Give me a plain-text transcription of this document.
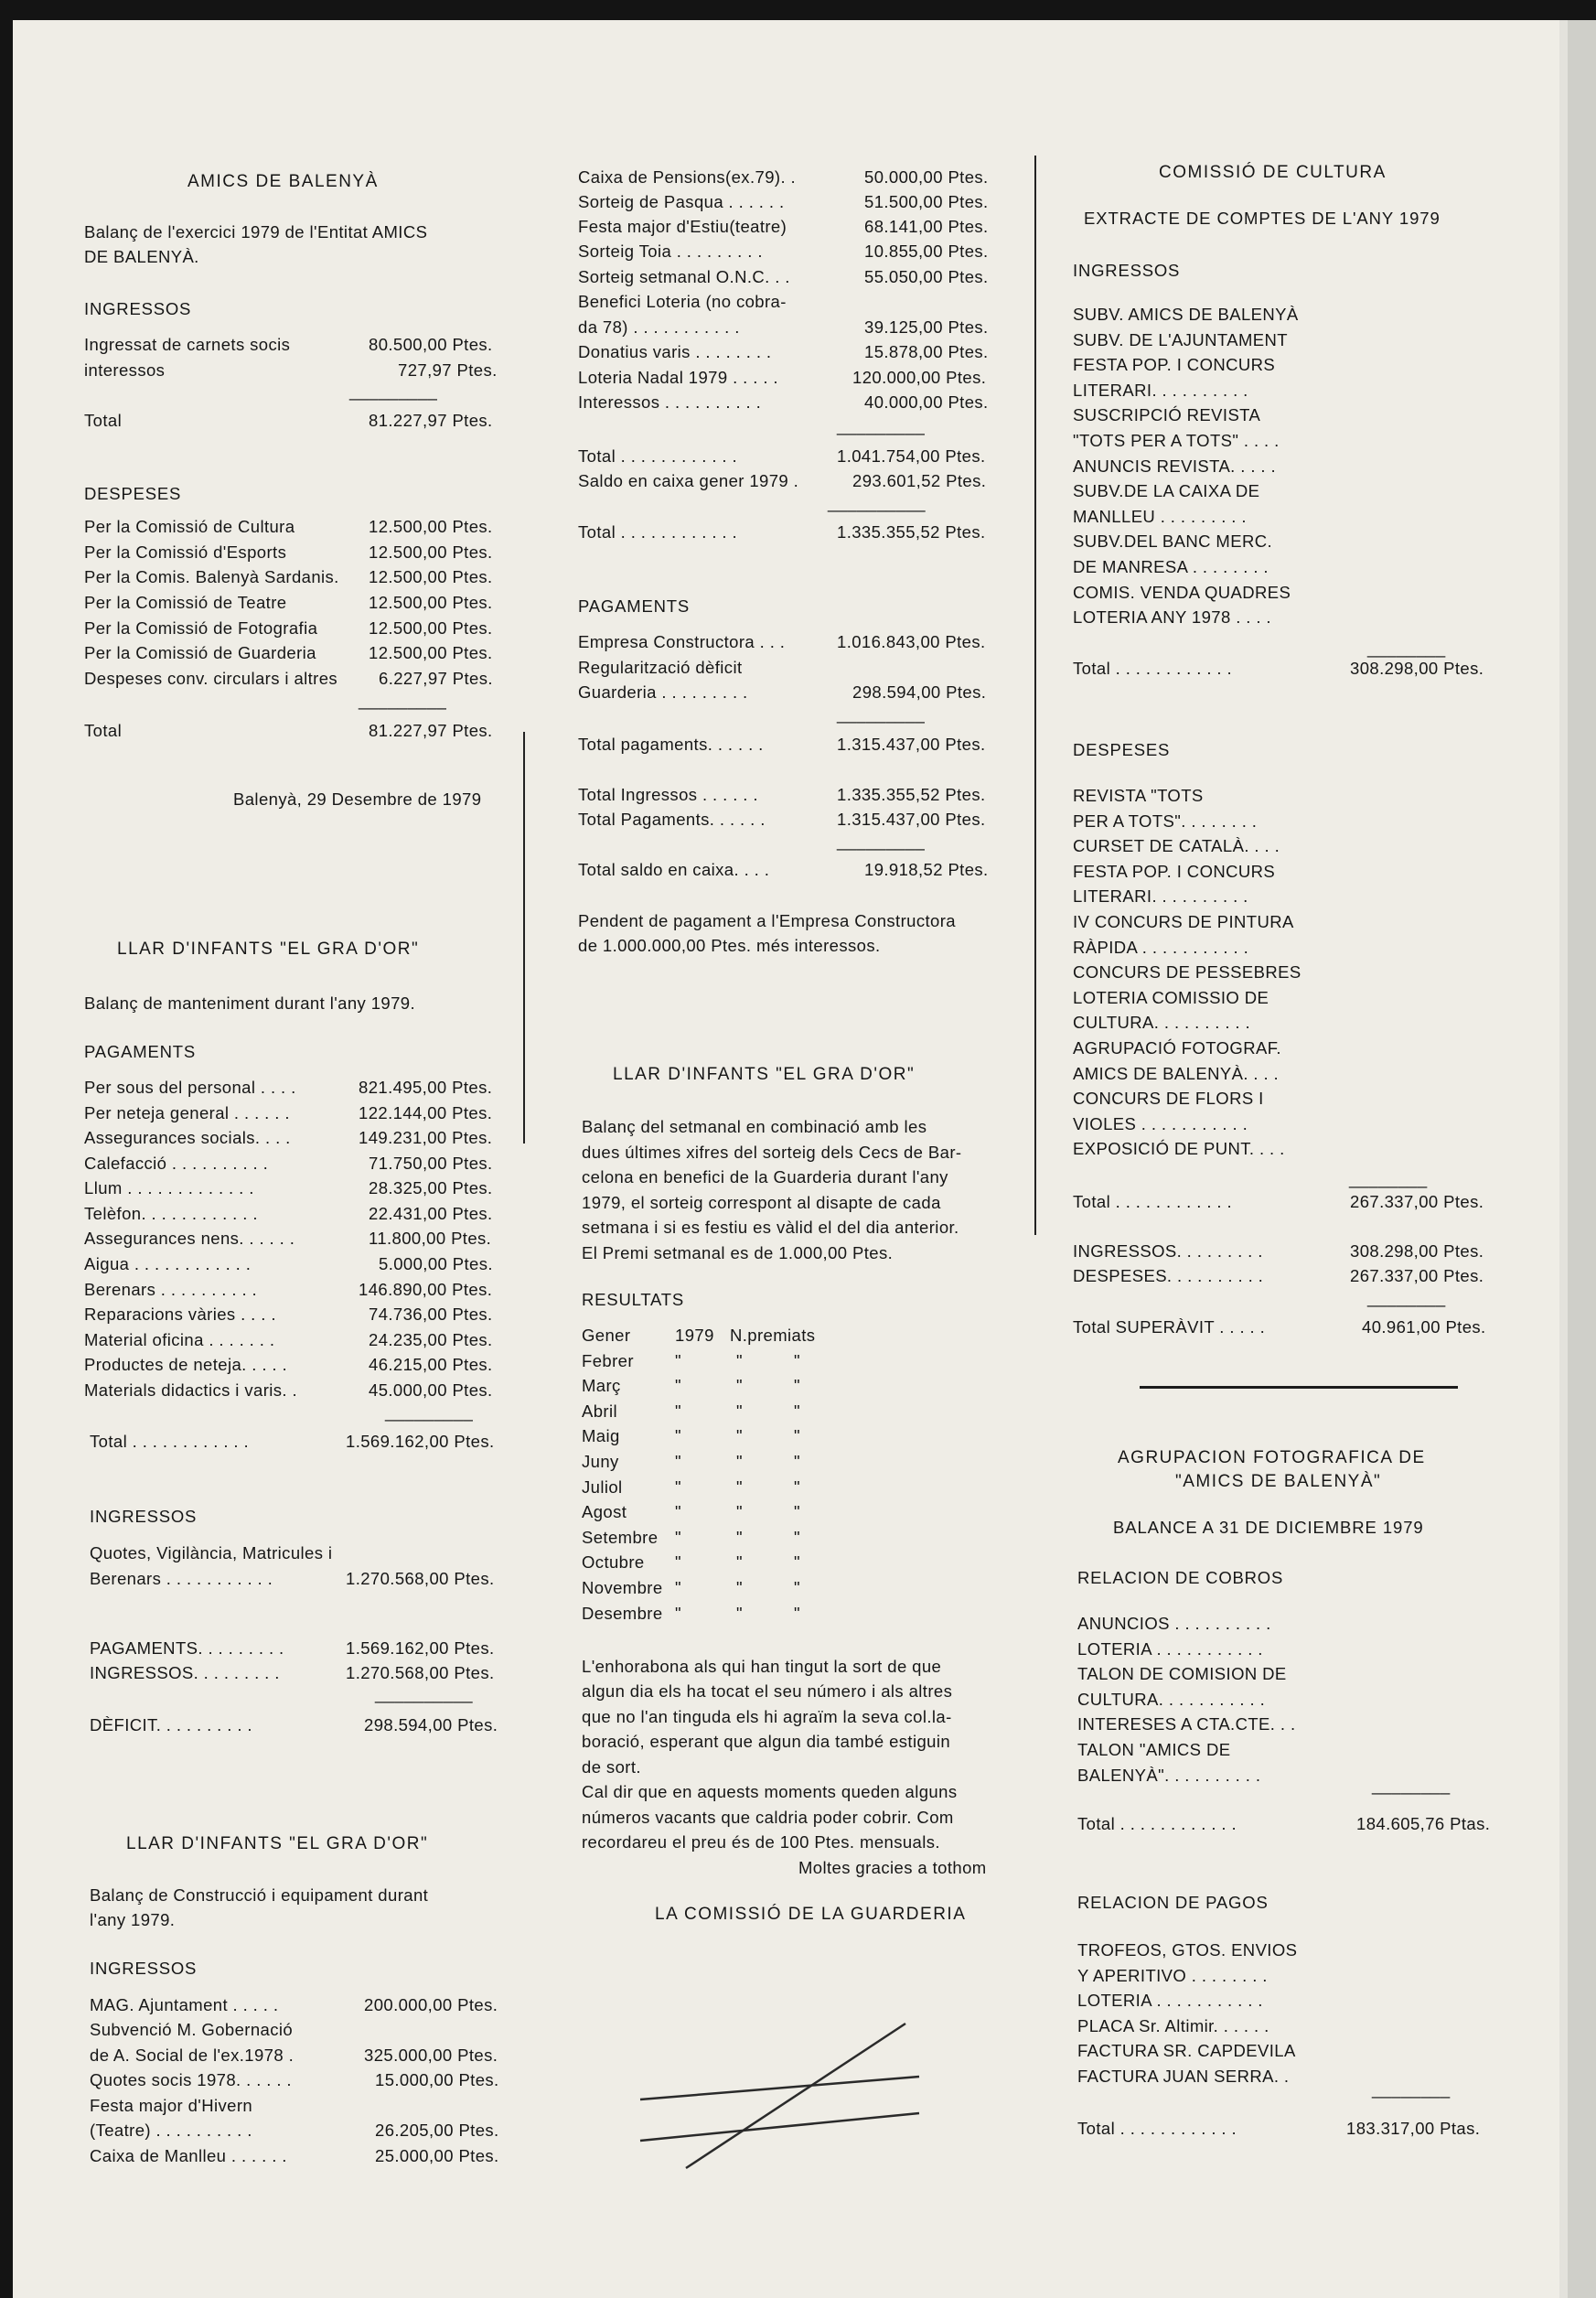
AMICS DE BALENYÀ
Balanç de l'exercici 1979 de l'Entitat AMICS
DE BALENYÀ.
INGRESSOS
Ingressat de carnets socis	80.500,00 Ptes.
interessos	727,97 Ptes.
_________
Total	81.227,97 Ptes.
DESPESES
Per la Comissió de Cultura	12.500,00 Ptes.
Per la Comissió d'Esports	12.500,00 Ptes.
Per la Comis. Balenyà Sardanis. 12.500,00 Ptes.
Per la Comissió de Teatre	12.500,00 Ptes.
Per la Comissió de Fotografia	12.500,00 Ptes.
Per la Comissió de Guarderia	12.500,00 Ptes.
Despeses conv. circulars i altres 6.227,97 Ptes.
_________
Total	81.227,97 Ptes.
Balenyà, 29 Desembre de 1979
LLAR D'INFANTS "EL GRA D'OR"
Balanç de manteniment durant l'any 1979.
PAGAMENTS
Per sous del personal . . . .	821.495,00 Ptes.
Per neteja general . . . . . .	122.144,00 Ptes.
Assegurances socials. . . .	149.231,00 Ptes.
Calefacció . . . . . . . . . .	71.750,00 Ptes.
Llum . . . . . . . . . . . . .	28.325,00 Ptes.
Telèfon. . . . . . . . . . . .	22.431,00 Ptes.
Assegurances nens. . . . . .	11.800,00 Ptes.
Aigua . . . . . . . . . . . .	5.000,00 Ptes.
Berenars . . . . . . . . . .	146.890,00 Ptes.
Reparacions vàries . . . .	74.736,00 Ptes.
Material oficina . . . . . . .	24.235,00 Ptes.
Productes de neteja. . . . .	46.215,00 Ptes.
Materials didactics i varis. .	45.000,00 Ptes.
_________
Total . . . . . . . . . . . .	1.569.162,00 Ptes.
INGRESSOS
Quotes, Vigilància, Matricules i
Berenars . . . . . . . . . . .	1.270.568,00 Ptes.
PAGAMENTS. . . . . . . . .	1.569.162,00 Ptes.
INGRESSOS. . . . . . . . .	1.270.568,00 Ptes.
__________
DÈFICIT. . . . . . . . . .	298.594,00 Ptes.
LLAR D'INFANTS "EL GRA D'OR"
Balanç de Construcció i equipament durant
l'any 1979.
INGRESSOS
MAG. Ajuntament . . . . .	200.000,00 Ptes.
Subvenció M. Gobernació
de A. Social de l'ex.1978 .	325.000,00 Ptes.
Quotes socis 1978. . . . . .	15.000,00 Ptes.
Festa major d'Hivern
(Teatre) . . . . . . . . . .	26.205,00 Ptes.
Caixa de Manlleu . . . . . .	25.000,00 Ptes.
Caixa de Pensions(ex.79). .	50.000,00 Ptes.
Sorteig de Pasqua . . . . . .	51.500,00 Ptes.
Festa major d'Estiu(teatre)	68.141,00 Ptes.
Sorteig Toia . . . . . . . . .	10.855,00 Ptes.
Sorteig setmanal O.N.C. . .	55.050,00 Ptes.
Benefici Loteria (no cobra-
da 78) . . . . . . . . . . .	39.125,00 Ptes.
Donatius varis . . . . . . . .	15.878,00 Ptes.
Loteria Nadal 1979 . . . . .	120.000,00 Ptes.
Interessos . . . . . . . . . .	40.000,00 Ptes.
_________
Total . . . . . . . . . . . .	1.041.754,00 Ptes.
Saldo en caixa gener 1979 .	293.601,52 Ptes.
__________
Total . . . . . . . . . . . .	1.335.355,52 Ptes.
PAGAMENTS
Empresa Constructora . . .	1.016.843,00 Ptes.
Regularització dèficit
Guarderia . . . . . . . . .	298.594,00 Ptes.
_________
Total pagaments. . . . . .	1.315.437,00 Ptes.
Total Ingressos . . . . . .	1.335.355,52 Ptes.
Total Pagaments. . . . . .	1.315.437,00 Ptes.
_________
Total saldo en caixa. . . .	19.918,52 Ptes.
Pendent de pagament a l'Empresa Constructora
de 1.000.000,00 Ptes. més interessos.
LLAR D'INFANTS "EL GRA D'OR"
Balanç del setmanal en combinació amb les
dues últimes xifres del sorteig dels Cecs de Bar-
celona en benefici de la Guarderia durant l'any
1979, el sorteig correspont al disapte de cada
setmana i si es festiu es vàlid el del dia anterior.
El Premi setmanal es de 1.000,00 Ptes.
RESULTATS
Gener	1979 N.premiats
Febrer "	"	"
Març	"	"	"
Abril	"	"	"
Maig	"	"	"
Juny	"	"	"
Juliol	"	"	"
Agost	"	"	"
Setembre "	"	"
Octubre "	"	"
Novembre "	"	"
Desembre "	"	"
L'enhorabona als qui han tingut la sort de que
algun dia els ha tocat el seu número i als altres
que no l'an tinguda els hi agraïm la seva col.la-
boració, esperant que algun dia també estiguin
de sort.
Cal dir que en aquests moments queden alguns
números vacants que caldria poder cobrir. Com
recordareu el preu és de 100 Ptes. mensuals.
Moltes gracies a tothom
LA COMISSIÓ DE LA GUARDERIA
COMISSIÓ DE CULTURA
EXTRACTE DE COMPTES DE L'ANY 1979
INGRESSOS
SUBV. AMICS DE BALENYÀ
SUBV. DE L'AJUNTAMENT
FESTA POP. I CONCURS
LITERARI. . . . . . . . . .
SUSCRIPCIÓ REVISTA
"TOTS PER A TOTS" . . . .
ANUNCIS REVISTA. . . . .
SUBV.DE LA CAIXA DE
MANLLEU . . . . . . . . .
SUBV.DEL BANC MERC.
DE MANRESA . . . . . . . .
COMIS. VENDA QUADRES
LOTERIA ANY 1978 . . . .
________
Total . . . . . . . . . . . .	308.298,00 Ptes.
DESPESES
REVISTA "TOTS
PER A TOTS". . . . . . . .
CURSET DE CATALÀ. . . .
FESTA POP. I CONCURS
LITERARI. . . . . . . . . .
IV CONCURS DE PINTURA
RÀPIDA . . . . . . . . . . .
CONCURS DE PESSEBRES
LOTERIA COMISSIO DE
CULTURA. . . . . . . . . .
AGRUPACIÓ FOTOGRAF.
AMICS DE BALENYÀ. . . .
CONCURS DE FLORS I
VIOLES . . . . . . . . . . .
EXPOSICIÓ DE PUNT. . . .
________
Total . . . . . . . . . . . .	267.337,00 Ptes.
INGRESSOS. . . . . . . . .	308.298,00 Ptes.
DESPESES. . . . . . . . . .	267.337,00 Ptes.
________
Total SUPERÀVIT . . . . .	40.961,00 Ptes.
AGRUPACION FOTOGRAFICA DE
"AMICS DE BALENYÀ"
BALANCE A 31 DE DICIEMBRE 1979
RELACION DE COBROS
ANUNCIOS . . . . . . . . . .
LOTERIA . . . . . . . . . . .
TALON DE COMISION DE
CULTURA. . . . . . . . . . .
INTERESES A CTA.CTE. . .
TALON "AMICS DE
BALENYÀ". . . . . . . . . .
________
Total . . . . . . . . . . . .	184.605,76 Ptas.
RELACION DE PAGOS
TROFEOS, GTOS. ENVIOS
Y APERITIVO . . . . . . . .
LOTERIA . . . . . . . . . . .
PLACA Sr. Altimir. . . . . .
FACTURA SR. CAPDEVILA
FACTURA JUAN SERRA. .
________
Total . . . . . . . . . . . .	183.317,00 Ptas.
